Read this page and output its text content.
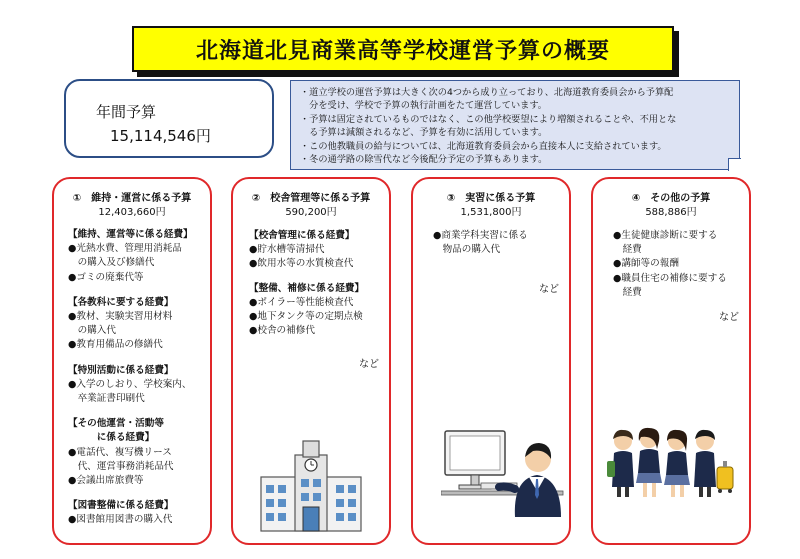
北海道北見商業高等学校運営予算の概要
年間予算
15,114,546円
・道立学校の運営予算は大きく次の4つから成り立っており、北海道教育委員会から予算配
　分を受け、学校で予算の執行計画をたて運営しています。
・予算は固定されているものではなく、この他学校要望により増額されることや、不用とな
　る予算は減額されるなど、予算を有効に活用しています。
・この他教職員の給与については、北海道教育委員会から直接本人に支給されています。
・冬の通学路の除雪代など今後配分予定の予算もあります。
①　維持・運営に係る予算
12,403,660円
【維持、運営等に係る経費】
●光熱水費、管理用消耗品
　の購入及び修繕代
●ゴミの廃棄代等
【各教科に要する経費】
●教材、実験実習用材料
　の購入代
●教育用備品の修繕代
【特別活動に係る経費】
●入学のしおり、学校案内、
　卒業証書印刷代
【その他運営・活動等
　　　に係る経費】
●電話代、複写機リース
　代、運営事務消耗品代
●会議出席旅費等
【図書整備に係る経費】
●図書館用図書の購入代
②　校舎管理等に係る予算
590,200円
【校舎管理に係る経費】
●貯水槽等清掃代
●飲用水等の水質検査代
【整備、補修に係る経費】
●ボイラー等性能検査代
●地下タンク等の定期点検
●校舎の補修代
など
③　実習に係る予算
1,531,800円
●商業学科実習に係る
　物品の購入代
など
④　その他の予算
588,886円
●生徒健康診断に要する
　経費
●講師等の報酬
●職員住宅の補修に要する
　経費
など
